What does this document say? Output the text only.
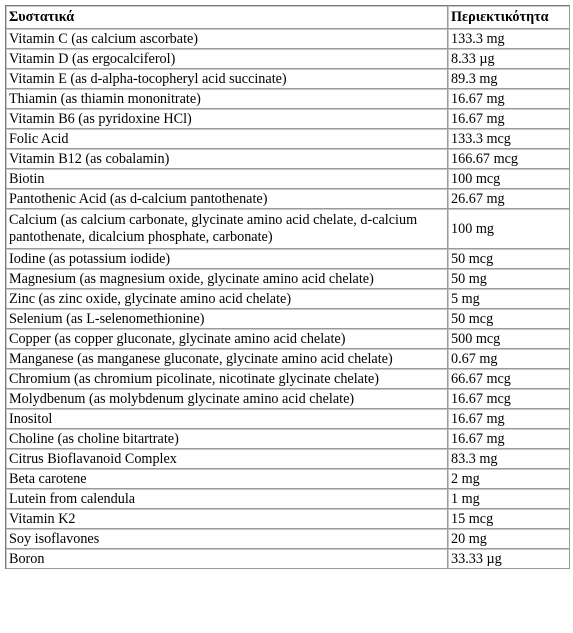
Συστατικά	Περιεκτικότητα
Vitamin C (as calcium ascorbate)	133.3 mg
Vitamin D (as ergocalciferol)	8.33 µg
Vitamin E (as d-alpha-tocopheryl acid succinate)	89.3 mg
Thiamin (as thiamin mononitrate)	16.67 mg
Vitamin B6 (as pyridoxine HCl)	16.67 mg
Folic Acid	133.3 mcg
Vitamin B12 (as cobalamin)	166.67 mcg
Biotin	100 mcg
Pantothenic Acid (as d-calcium pantothenate)	26.67 mg
Calcium (as calcium carbonate, glycinate amino acid chelate, d-calcium pantothenate, dicalcium phosphate, carbonate)	100 mg
Iodine (as potassium iodide)	50 mcg
Magnesium (as magnesium oxide, glycinate amino acid chelate)	50 mg
Zinc (as zinc oxide, glycinate amino acid chelate)	5 mg
Selenium (as L-selenomethionine)	50 mcg
Copper (as copper gluconate, glycinate amino acid chelate)	500 mcg
Manganese (as manganese gluconate, glycinate amino acid chelate)	0.67 mg
Chromium (as chromium picolinate, nicotinate glycinate chelate)	66.67 mcg
Molydbenum (as molybdenum glycinate amino acid chelate)	16.67 mcg
Inositol	16.67 mg
Choline (as choline bitartrate)	16.67 mg
Citrus Bioflavanoid Complex	83.3 mg
Beta carotene	2 mg
Lutein from calendula	1 mg
Vitamin K2	15 mcg
Soy isoflavones	20 mg
Boron	33.33 µg
